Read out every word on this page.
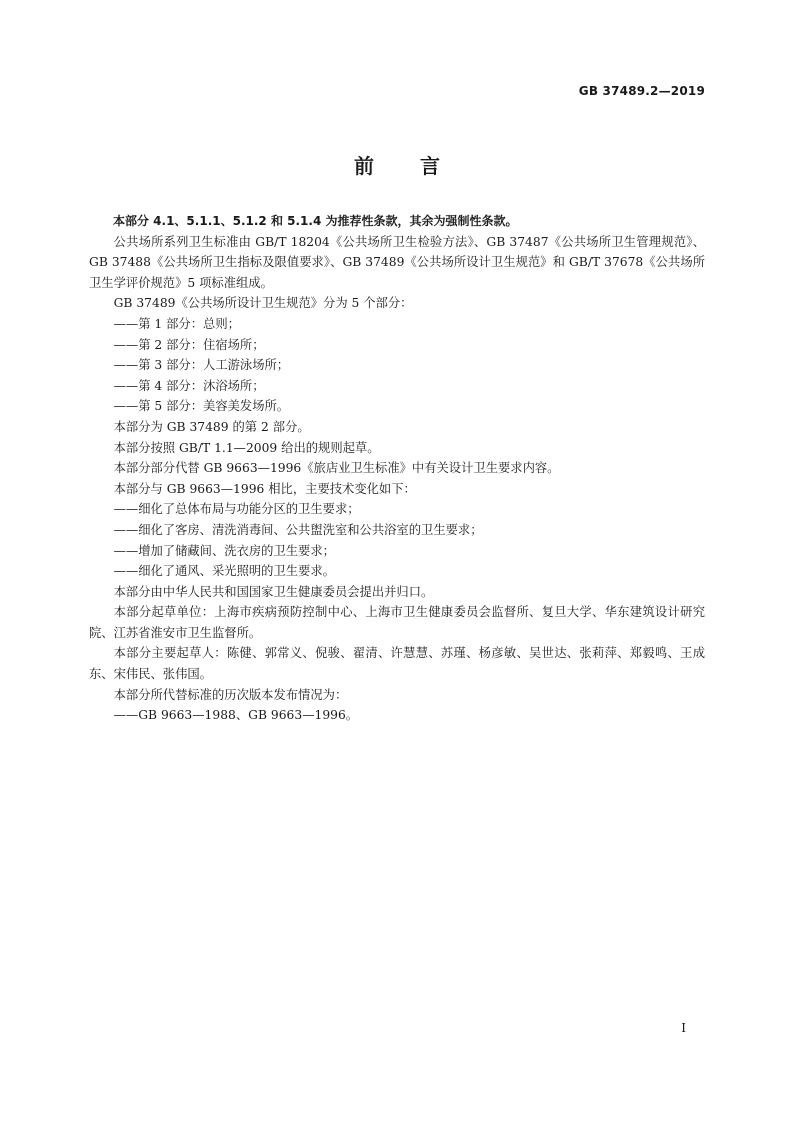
GB 37489.2—2019
前言

本部分 4.1、5.1.1、5.1.2 和 5.1.4 为推荐性条款，其余为强制性条款。

公共场所系列卫生标准由 GB/T 18204《公共场所卫生检验方法》、GB 37487《公共场所卫生管理规范》、GB 37488《公共场所卫生指标及限值要求》、GB 37489《公共场所设计卫生规范》和 GB/T 37678《公共场所卫生学评价规范》5 项标准组成。

GB 37489《公共场所设计卫生规范》分为 5 个部分：

——第 1 部分：总则；

——第 2 部分：住宿场所；

——第 3 部分：人工游泳场所；

——第 4 部分：沐浴场所；

——第 5 部分：美容美发场所。

本部分为 GB 37489 的第 2 部分。

本部分按照 GB/T 1.1—2009 给出的规则起草。

本部分部分代替 GB 9663—1996《旅店业卫生标准》中有关设计卫生要求内容。

本部分与 GB 9663—1996 相比，主要技术变化如下：

——细化了总体布局与功能分区的卫生要求；

——细化了客房、清洗消毒间、公共盥洗室和公共浴室的卫生要求；

——增加了储藏间、洗衣房的卫生要求；

——细化了通风、采光照明的卫生要求。

本部分由中华人民共和国国家卫生健康委员会提出并归口。

本部分起草单位：上海市疾病预防控制中心、上海市卫生健康委员会监督所、复旦大学、华东建筑设计研究院、江苏省淮安市卫生监督所。

本部分主要起草人：陈健、郭常义、倪骏、翟清、许慧慧、苏瑾、杨彦敏、吴世达、张莉萍、郑毅鸣、王成东、宋伟民、张伟国。

本部分所代替标准的历次版本发布情况为：

——GB 9663—1988、GB 9663—1996。

I
